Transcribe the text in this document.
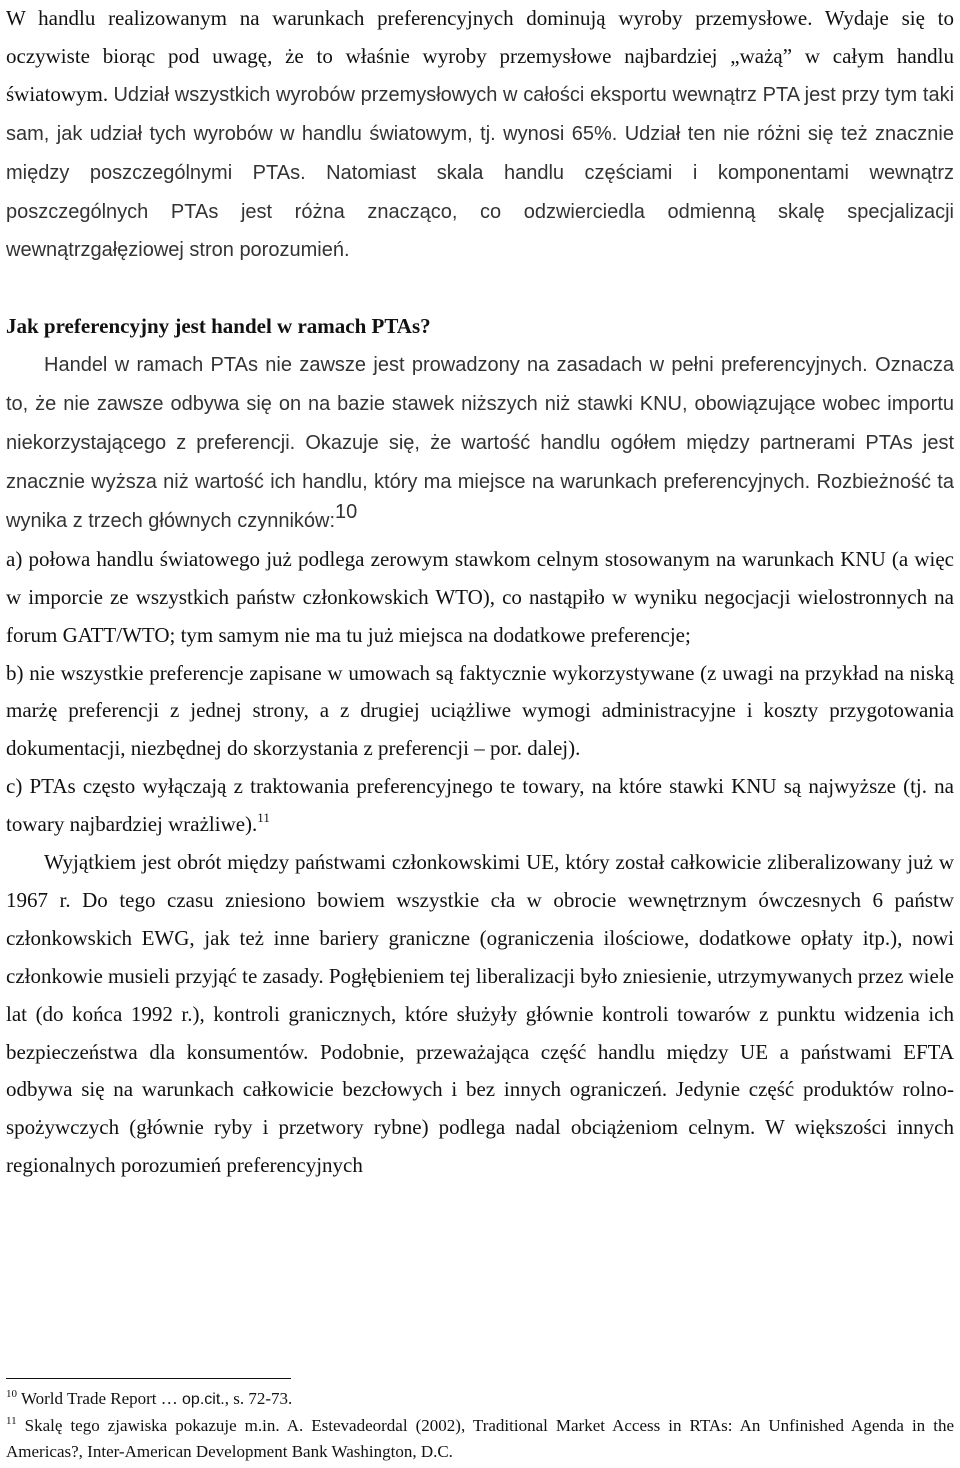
W handlu realizowanym na warunkach preferencyjnych dominują wyroby przemysłowe. Wydaje się to oczywiste biorąc pod uwagę, że to właśnie wyroby przemysłowe najbardziej „ważą” w całym handlu światowym. Udział wszystkich wyrobów przemysłowych w całości eksportu wewnątrz PTA jest przy tym taki sam, jak udział tych wyrobów w handlu światowym, tj. wynosi 65%. Udział ten nie różni się też znacznie między poszczególnymi PTAs. Natomiast skala handlu częściami i komponentami wewnątrz poszczególnych PTAs jest różna znacząco, co odzwierciedla odmienną skalę specjalizacji wewnątrzgałęziowej stron porozumień.

Jak preferencyjny jest handel w ramach PTAs?

Handel w ramach PTAs nie zawsze jest prowadzony na zasadach w pełni preferencyjnych. Oznacza to, że nie zawsze odbywa się on na bazie stawek niższych niż stawki KNU, obowiązujące wobec importu niekorzystającego z preferencji. Okazuje się, że wartość handlu ogółem między partnerami PTAs jest znacznie wyższa niż wartość ich handlu, który ma miejsce na warunkach preferencyjnych. Rozbieżność ta wynika z trzech głównych czynników:$^{10}$

a) połowa handlu światowego już podlega zerowym stawkom celnym stosowanym na warunkach KNU (a więc w imporcie ze wszystkich państw członkowskich WTO), co nastąpiło w wyniku negocjacji wielostronnych na forum GATT/WTO; tym samym nie ma tu już miejsca na dodatkowe preferencje;

b) nie wszystkie preferencje zapisane w umowach są faktycznie wykorzystywane (z uwagi na przykład na niską marżę preferencji z jednej strony, a z drugiej uciążliwe wymogi administracyjne i koszty przygotowania dokumentacji, niezbędnej do skorzystania z preferencji – por. dalej).

c) PTAs często wyłączają z traktowania preferencyjnego te towary, na które stawki KNU są najwyższe (tj. na towary najbardziej wrażliwe).$^{11}$

Wyjątkiem jest obrót między państwami członkowskimi UE, który został całkowicie zliberalizowany już w 1967 r. Do tego czasu zniesiono bowiem wszystkie cła w obrocie wewnętrznym ówczesnych 6 państw członkowskich EWG, jak też inne bariery graniczne (ograniczenia ilościowe, dodatkowe opłaty itp.), nowi członkowie musieli przyjąć te zasady. Pogłębieniem tej liberalizacji było zniesienie, utrzymywanych przez wiele lat (do końca 1992 r.), kontroli granicznych, które służyły głównie kontroli towarów z punktu widzenia ich bezpieczeństwa dla konsumentów. Podobnie, przeważająca część handlu między UE a państwami EFTA odbywa się na warunkach całkowicie bezcłowych i bez innych ograniczeń. Jedynie część produktów rolno-spożywczych (głównie ryby i przetwory rybne) podlega nadal obciążeniom celnym. W większości innych regionalnych porozumień preferencyjnych

$^{10}$ World Trade Report … op.cit., s. 72-73.

$^{11}$ Skalę tego zjawiska pokazuje m.in. A. Estevadeordal (2002), Traditional Market Access in RTAs: An Unfinished Agenda in the Americas?, Inter-American Development Bank Washington, D.C.
